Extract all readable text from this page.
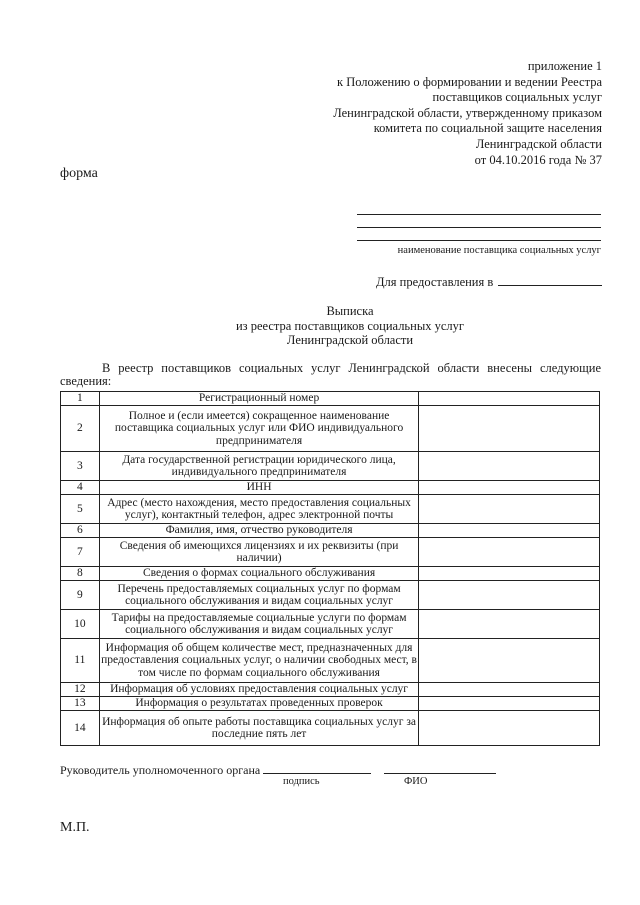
приложение 1
к Положению о формировании и ведении Реестра
поставщиков социальных услуг
Ленинградской области, утвержденному приказом
комитета по социальной защите населения
Ленинградской области
от 04.10.2016 года № 37
форма
наименование поставщика социальных услуг
Для предоставления в
Выписка
из реестра поставщиков социальных услуг
Ленинградской области
В реестр поставщиков социальных услуг Ленинградской области внесены следующие
сведения:
1	Регистрационный номер	
2	Полное и (если имеется) сокращенное наименование поставщика социальных услуг или ФИО индивидуального предпринимателя	
3	Дата государственной регистрации юридического лица, индивидуального предпринимателя	
4	ИНН	
5	Адрес (место нахождения, место предоставления социальных услуг), контактный телефон, адрес электронной почты	
6	Фамилия, имя, отчество руководителя	
7	Сведения об имеющихся лицензиях и их реквизиты (при наличии)	
8	Сведения о формах социального обслуживания	
9	Перечень предоставляемых социальных услуг по формам социального обслуживания и видам социальных услуг	
10	Тарифы на предоставляемые социальные услуги по формам социального обслуживания и видам социальных услуг	
11	Информация об общем количестве мест, предназначенных для предоставления социальных услуг, о наличии свободных мест, в том числе по формам социального обслуживания	
12	Информация об условиях предоставления социальных услуг	
13	Информация о результатах проведенных проверок	
14	Информация об опыте работы поставщика социальных услуг за последние пять лет	
Руководитель уполномоченного органа
подпись	ФИО
М.П.
